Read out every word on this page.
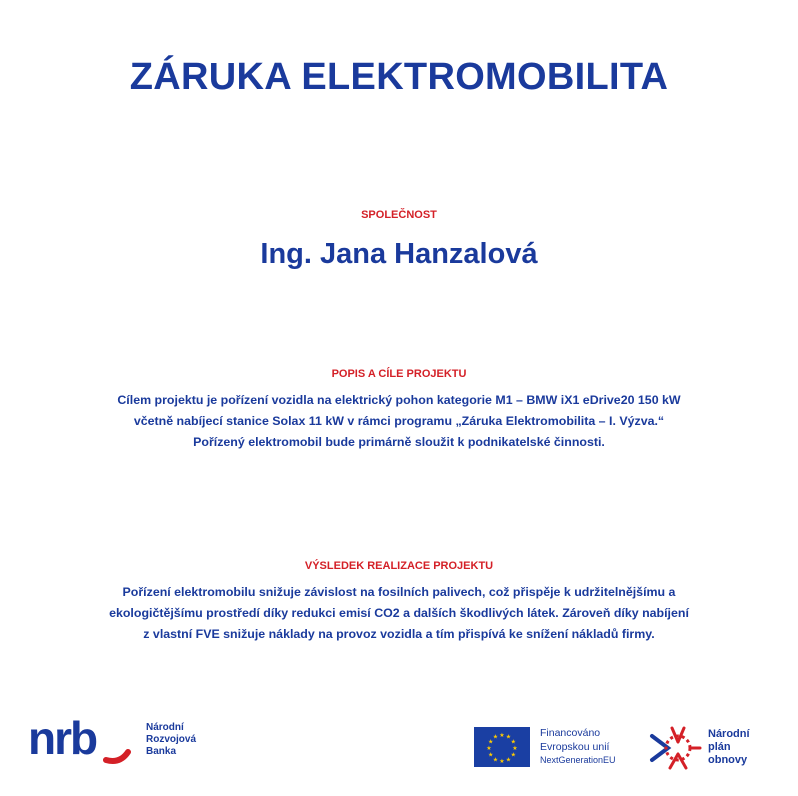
ZÁRUKA ELEKTROMOBILITA
SPOLEČNOST
Ing. Jana Hanzalová
POPIS A CÍLE PROJEKTU
Cílem projektu je pořízení vozidla na elektrický pohon kategorie M1 – BMW iX1 eDrive20 150 kW
včetně nabíjecí stanice Solax 11 kW v rámci programu „Záruka Elektromobilita – I. Výzva.“
Pořízený elektromobil bude primárně sloužit k podnikatelské činnosti.
VÝSLEDEK REALIZACE PROJEKTU
Pořízení elektromobilu snižuje závislost na fosilních palivech, což přispěje k udržitelnějšímu a
ekologičtějšímu prostředí díky redukci emisí CO2 a dalších škodlivých látek. Zároveň díky nabíjení
z vlastní FVE snižuje náklady na provoz vozidla a tím přispívá ke snížení nákladů firmy.
nrb	Národní
Rozvojová
Banka	★
★
★
★
★
★
★
★
★ ★ ★
★
Financováno
Evropskou unií
NextGenerationEU
Národní
plán
obnovy
